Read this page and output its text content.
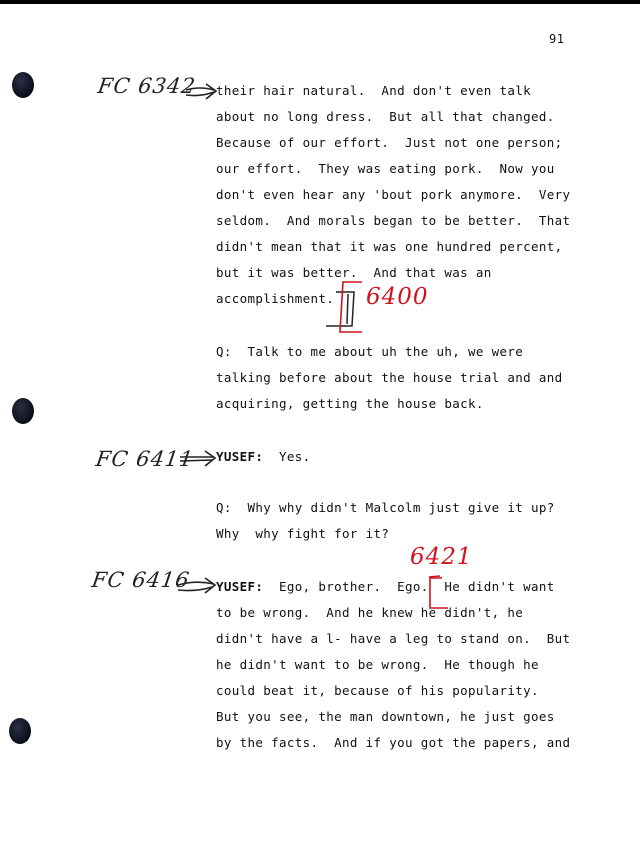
91
FC 6342
FC 6411
FC 6416
6400
6421
their hair natural.  And don't even talk
about no long dress.  But all that changed.
Because of our effort.  Just not one person;
our effort.  They was eating pork.  Now you
don't even hear any 'bout pork anymore.  Very
seldom.  And morals began to be better.  That
didn't mean that it was one hundred percent,
but it was better.  And that was an
accomplishment.
Q:  Talk to me about uh the uh, we were
talking before about the house trial and and
acquiring, getting the house back.
YUSEF: Yes.
Q:  Why why didn't Malcolm just give it up?
Why  why fight for it?
YUSEF: Ego, brother.  Ego.  He didn't want
to be wrong.  And he knew he didn't, he
didn't have a l- have a leg to stand on.  But
he didn't want to be wrong.  He though he
could beat it, because of his popularity.
But you see, the man downtown, he just goes
by the facts.  And if you got the papers, and
